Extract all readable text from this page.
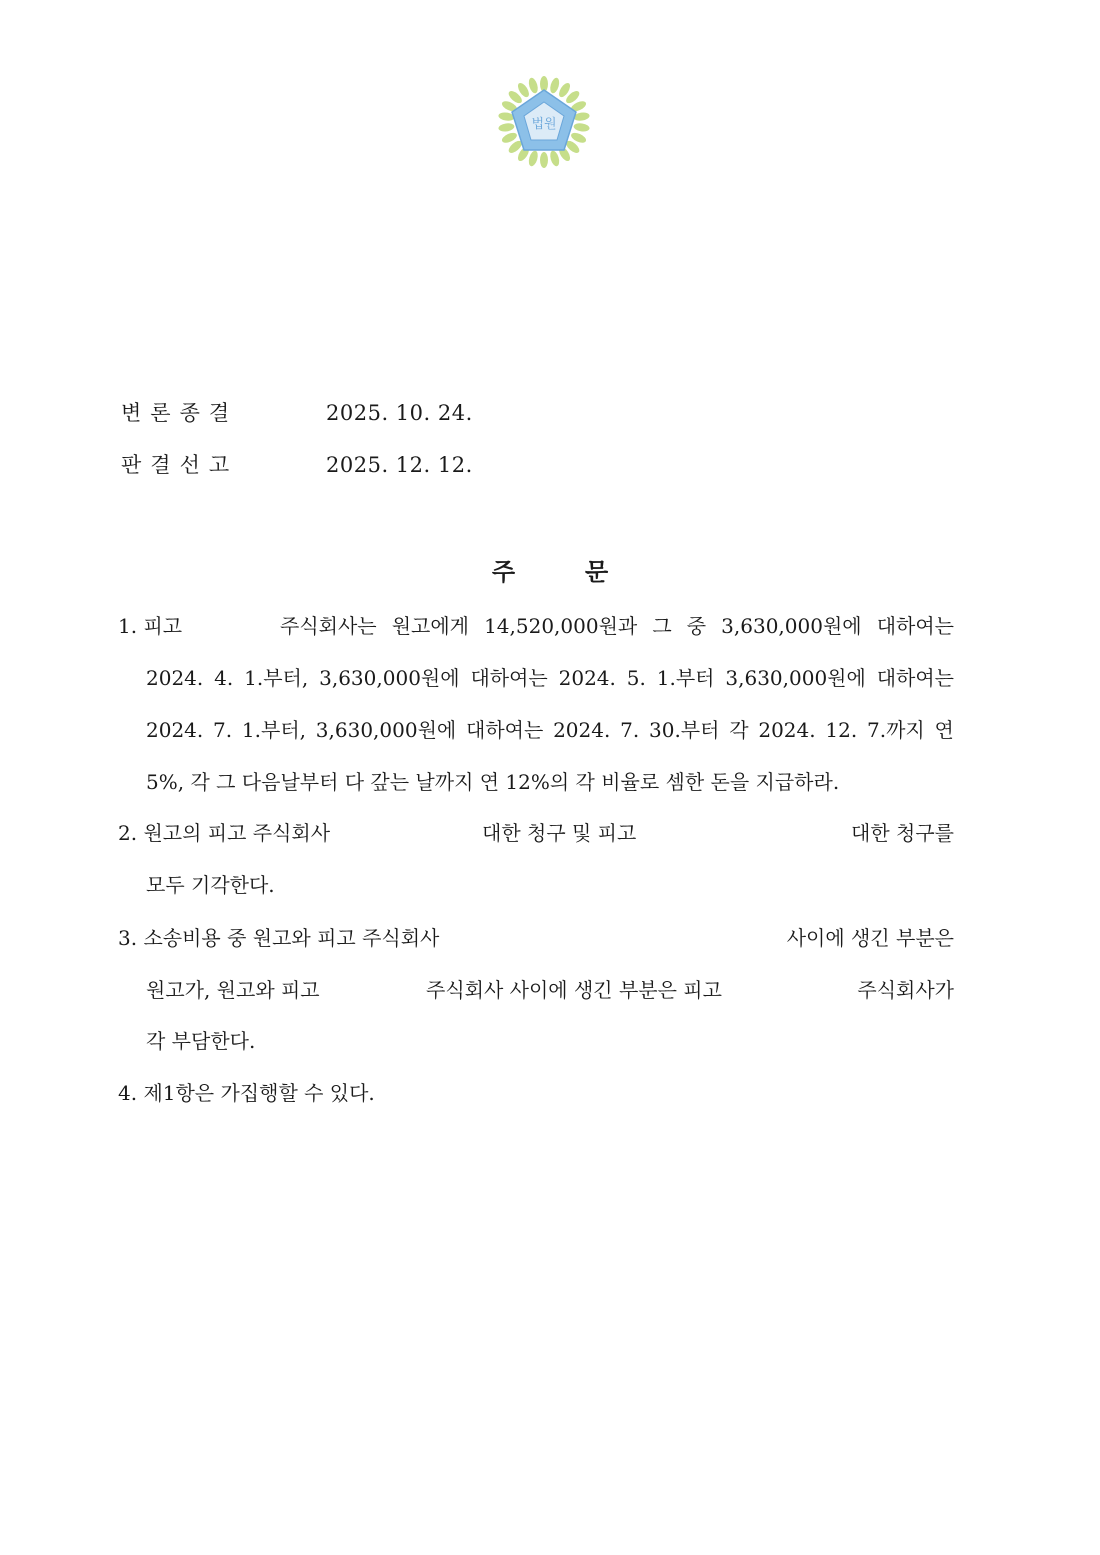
법원
변론종결	2025. 10. 24.
판결선고	2025. 12. 12.
주	문
1. 피고	주식회사는 원고에게 14,520,000원과 그 중 3,630,000원에 대하여는
2024. 4. 1.부터, 3,630,000원에 대하여는 2024. 5. 1.부터 3,630,000원에 대하여는
2024. 7. 1.부터, 3,630,000원에 대하여는 2024. 7. 30.부터 각 2024. 12. 7.까지 연
5%, 각 그 다음날부터 다 갚는 날까지 연 12%의 각 비율로 셈한 돈을 지급하라.
2. 원고의 피고 주식회사	대한 청구 및 피고	대한 청구를
모두 기각한다.
3. 소송비용 중 원고와 피고 주식회사	사이에 생긴 부분은
원고가, 원고와 피고	주식회사 사이에 생긴 부분은 피고	주식회사가
각 부담한다.
4. 제1항은 가집행할 수 있다.
